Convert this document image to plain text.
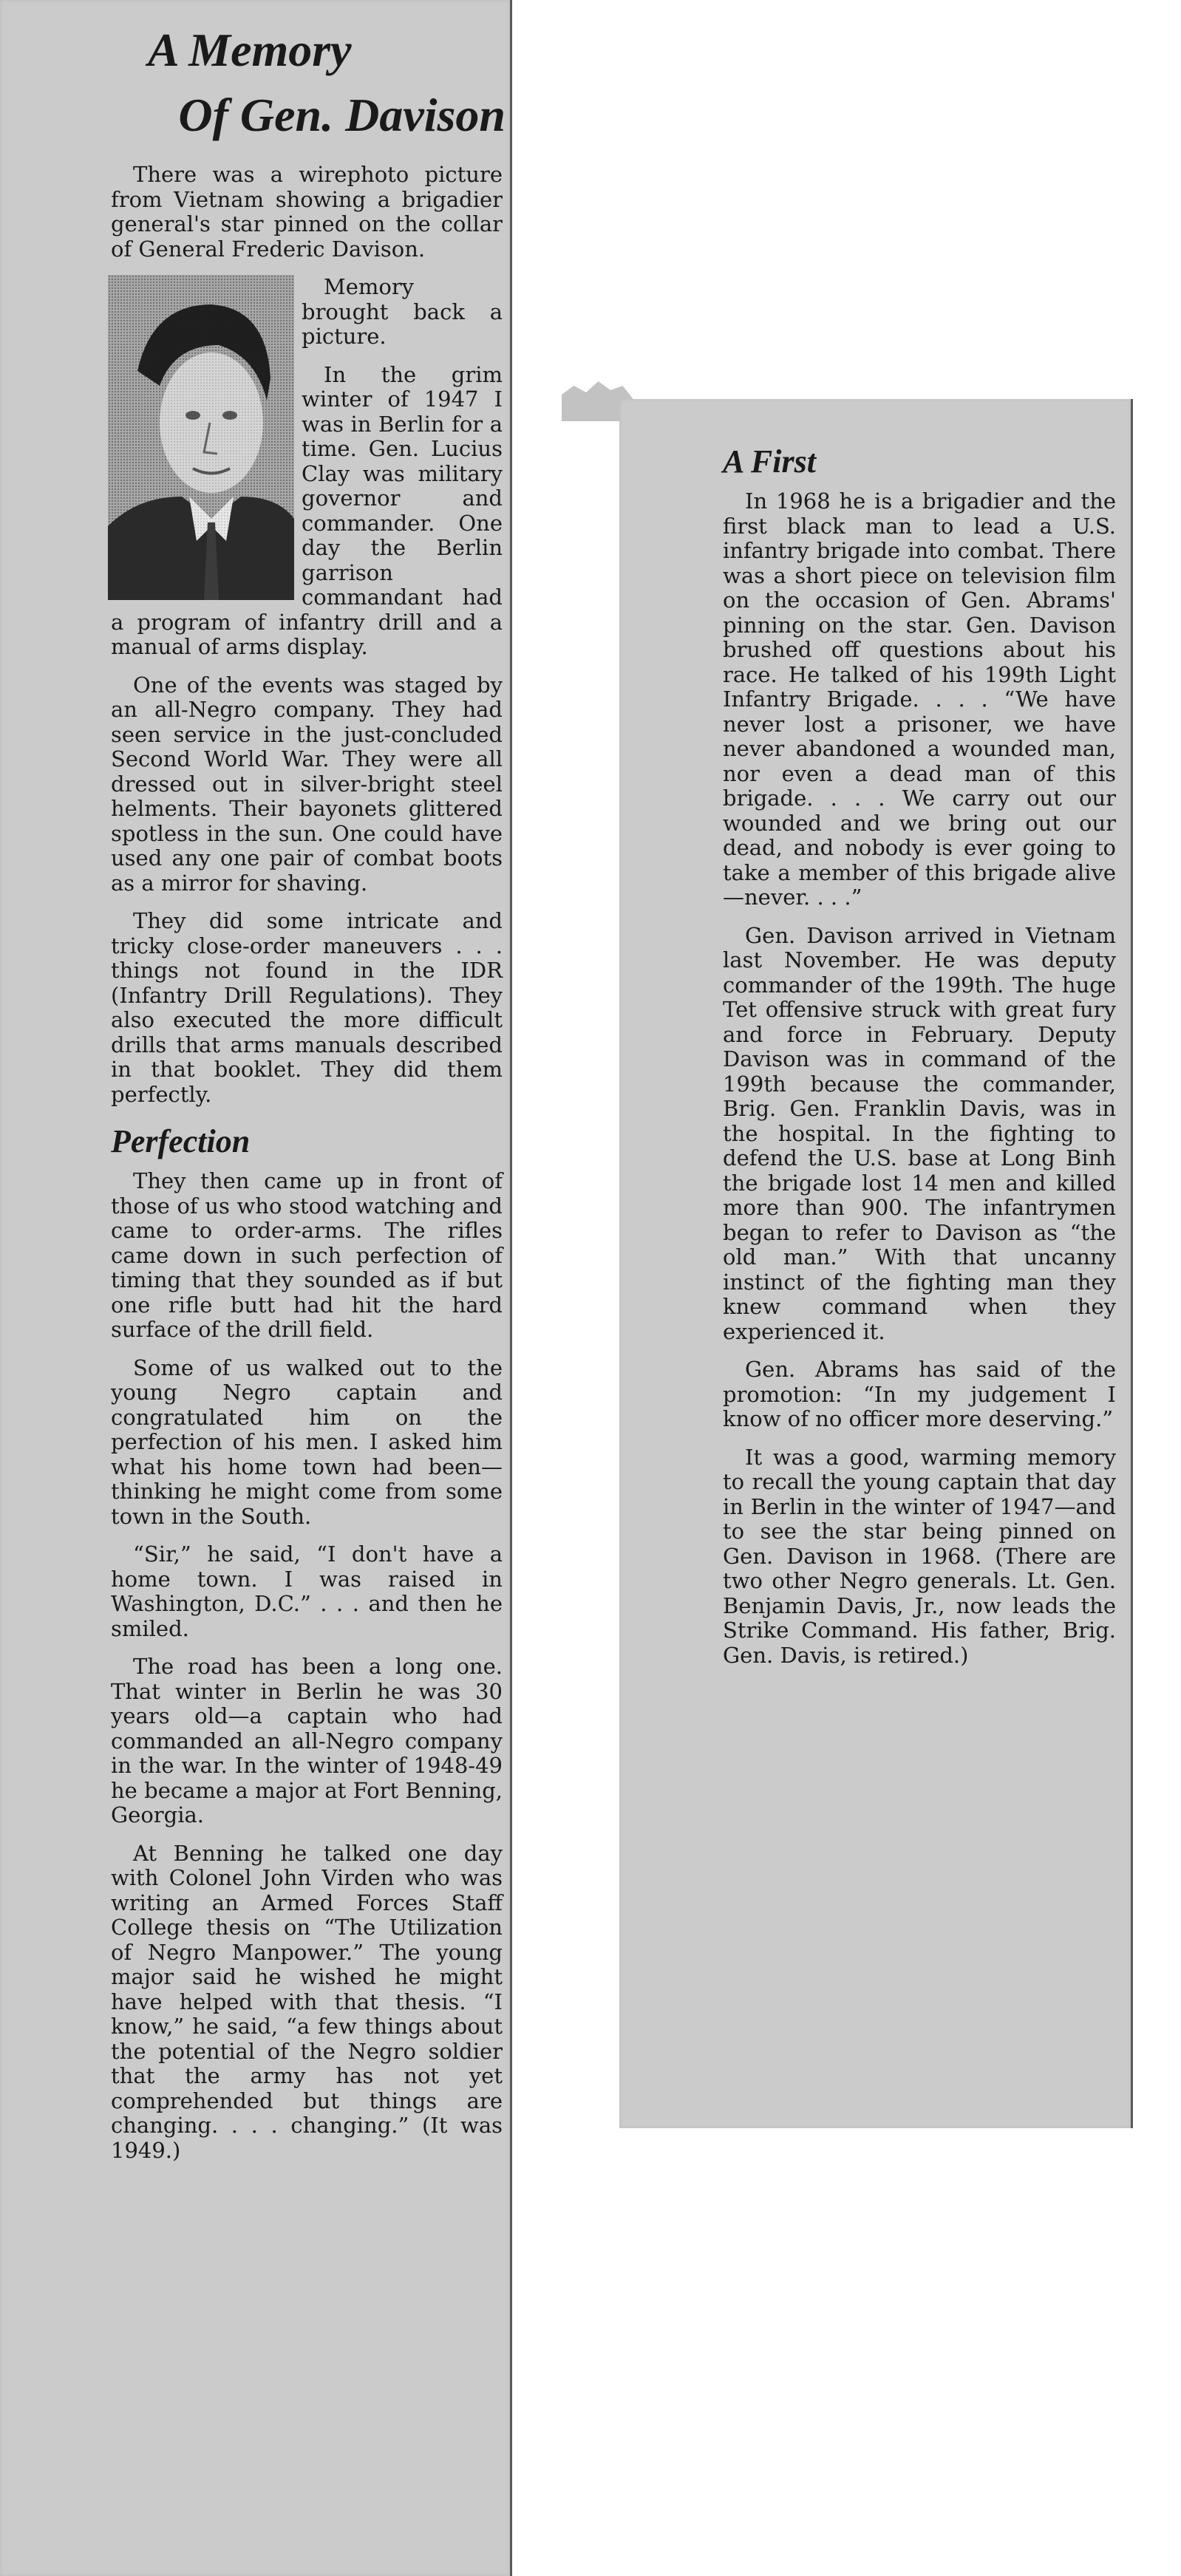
A Memory
Of Gen. Davison

There was a wirephoto picture from Vietnam showing a brigadier general's star pinned on the collar of General Frederic Davison.

Memory brought back a picture.

In the grim winter of 1947 I was in Berlin for a time. Gen. Lucius Clay was military governor and commander. One day the Berlin garrison commandant had a program of infantry drill and a manual of arms display.

One of the events was staged by an all-Negro company. They had seen service in the just-concluded Second World War. They were all dressed out in silver-bright steel helments. Their bayonets glittered spotless in the sun. One could have used any one pair of combat boots as a mirror for shaving.

They did some intricate and tricky close-order maneuvers . . . things not found in the IDR (Infantry Drill Regulations). They also executed the more difficult drills that arms manuals described in that booklet. They did them perfectly.

Perfection

They then came up in front of those of us who stood watching and came to order-arms. The rifles came down in such perfection of timing that they sounded as if but one rifle butt had hit the hard surface of the drill field.

Some of us walked out to the young Negro captain and congratulated him on the perfection of his men. I asked him what his home town had been—thinking he might come from some town in the South.

“Sir,” he said, “I don't have a home town. I was raised in Washington, D.C.” . . . and then he smiled.

The road has been a long one. That winter in Berlin he was 30 years old—a captain who had commanded an all-Negro company in the war. In the winter of 1948-49 he became a major at Fort Benning, Georgia.

At Benning he talked one day with Colonel John Virden who was writing an Armed Forces Staff College thesis on “The Utilization of Negro Manpower.” The young major said he wished he might have helped with that thesis. “I know,” he said, “a few things about the potential of the Negro soldier that the army has not yet comprehended but things are changing. . . . changing.” (It was 1949.)

A First

In 1968 he is a brigadier and the first black man to lead a U.S. infantry brigade into combat. There was a short piece on television film on the occasion of Gen. Abrams' pinning on the star. Gen. Davison brushed off questions about his race. He talked of his 199th Light Infantry Brigade. . . . “We have never lost a prisoner, we have never abandoned a wounded man, nor even a dead man of this brigade. . . . We carry out our wounded and we bring out our dead, and nobody is ever going to take a member of this brigade alive—never. . . .”

Gen. Davison arrived in Vietnam last November. He was deputy commander of the 199th. The huge Tet offensive struck with great fury and force in February. Deputy Davison was in command of the 199th because the commander, Brig. Gen. Franklin Davis, was in the hospital. In the fighting to defend the U.S. base at Long Binh the brigade lost 14 men and killed more than 900. The infantrymen began to refer to Davison as “the old man.” With that uncanny instinct of the fighting man they knew command when they experienced it.

Gen. Abrams has said of the promotion: “In my judgement I know of no officer more deserving.”

It was a good, warming memory to recall the young captain that day in Berlin in the winter of 1947—and to see the star being pinned on Gen. Davison in 1968. (There are two other Negro generals. Lt. Gen. Benjamin Davis, Jr., now leads the Strike Command. His father, Brig. Gen. Davis, is retired.)
